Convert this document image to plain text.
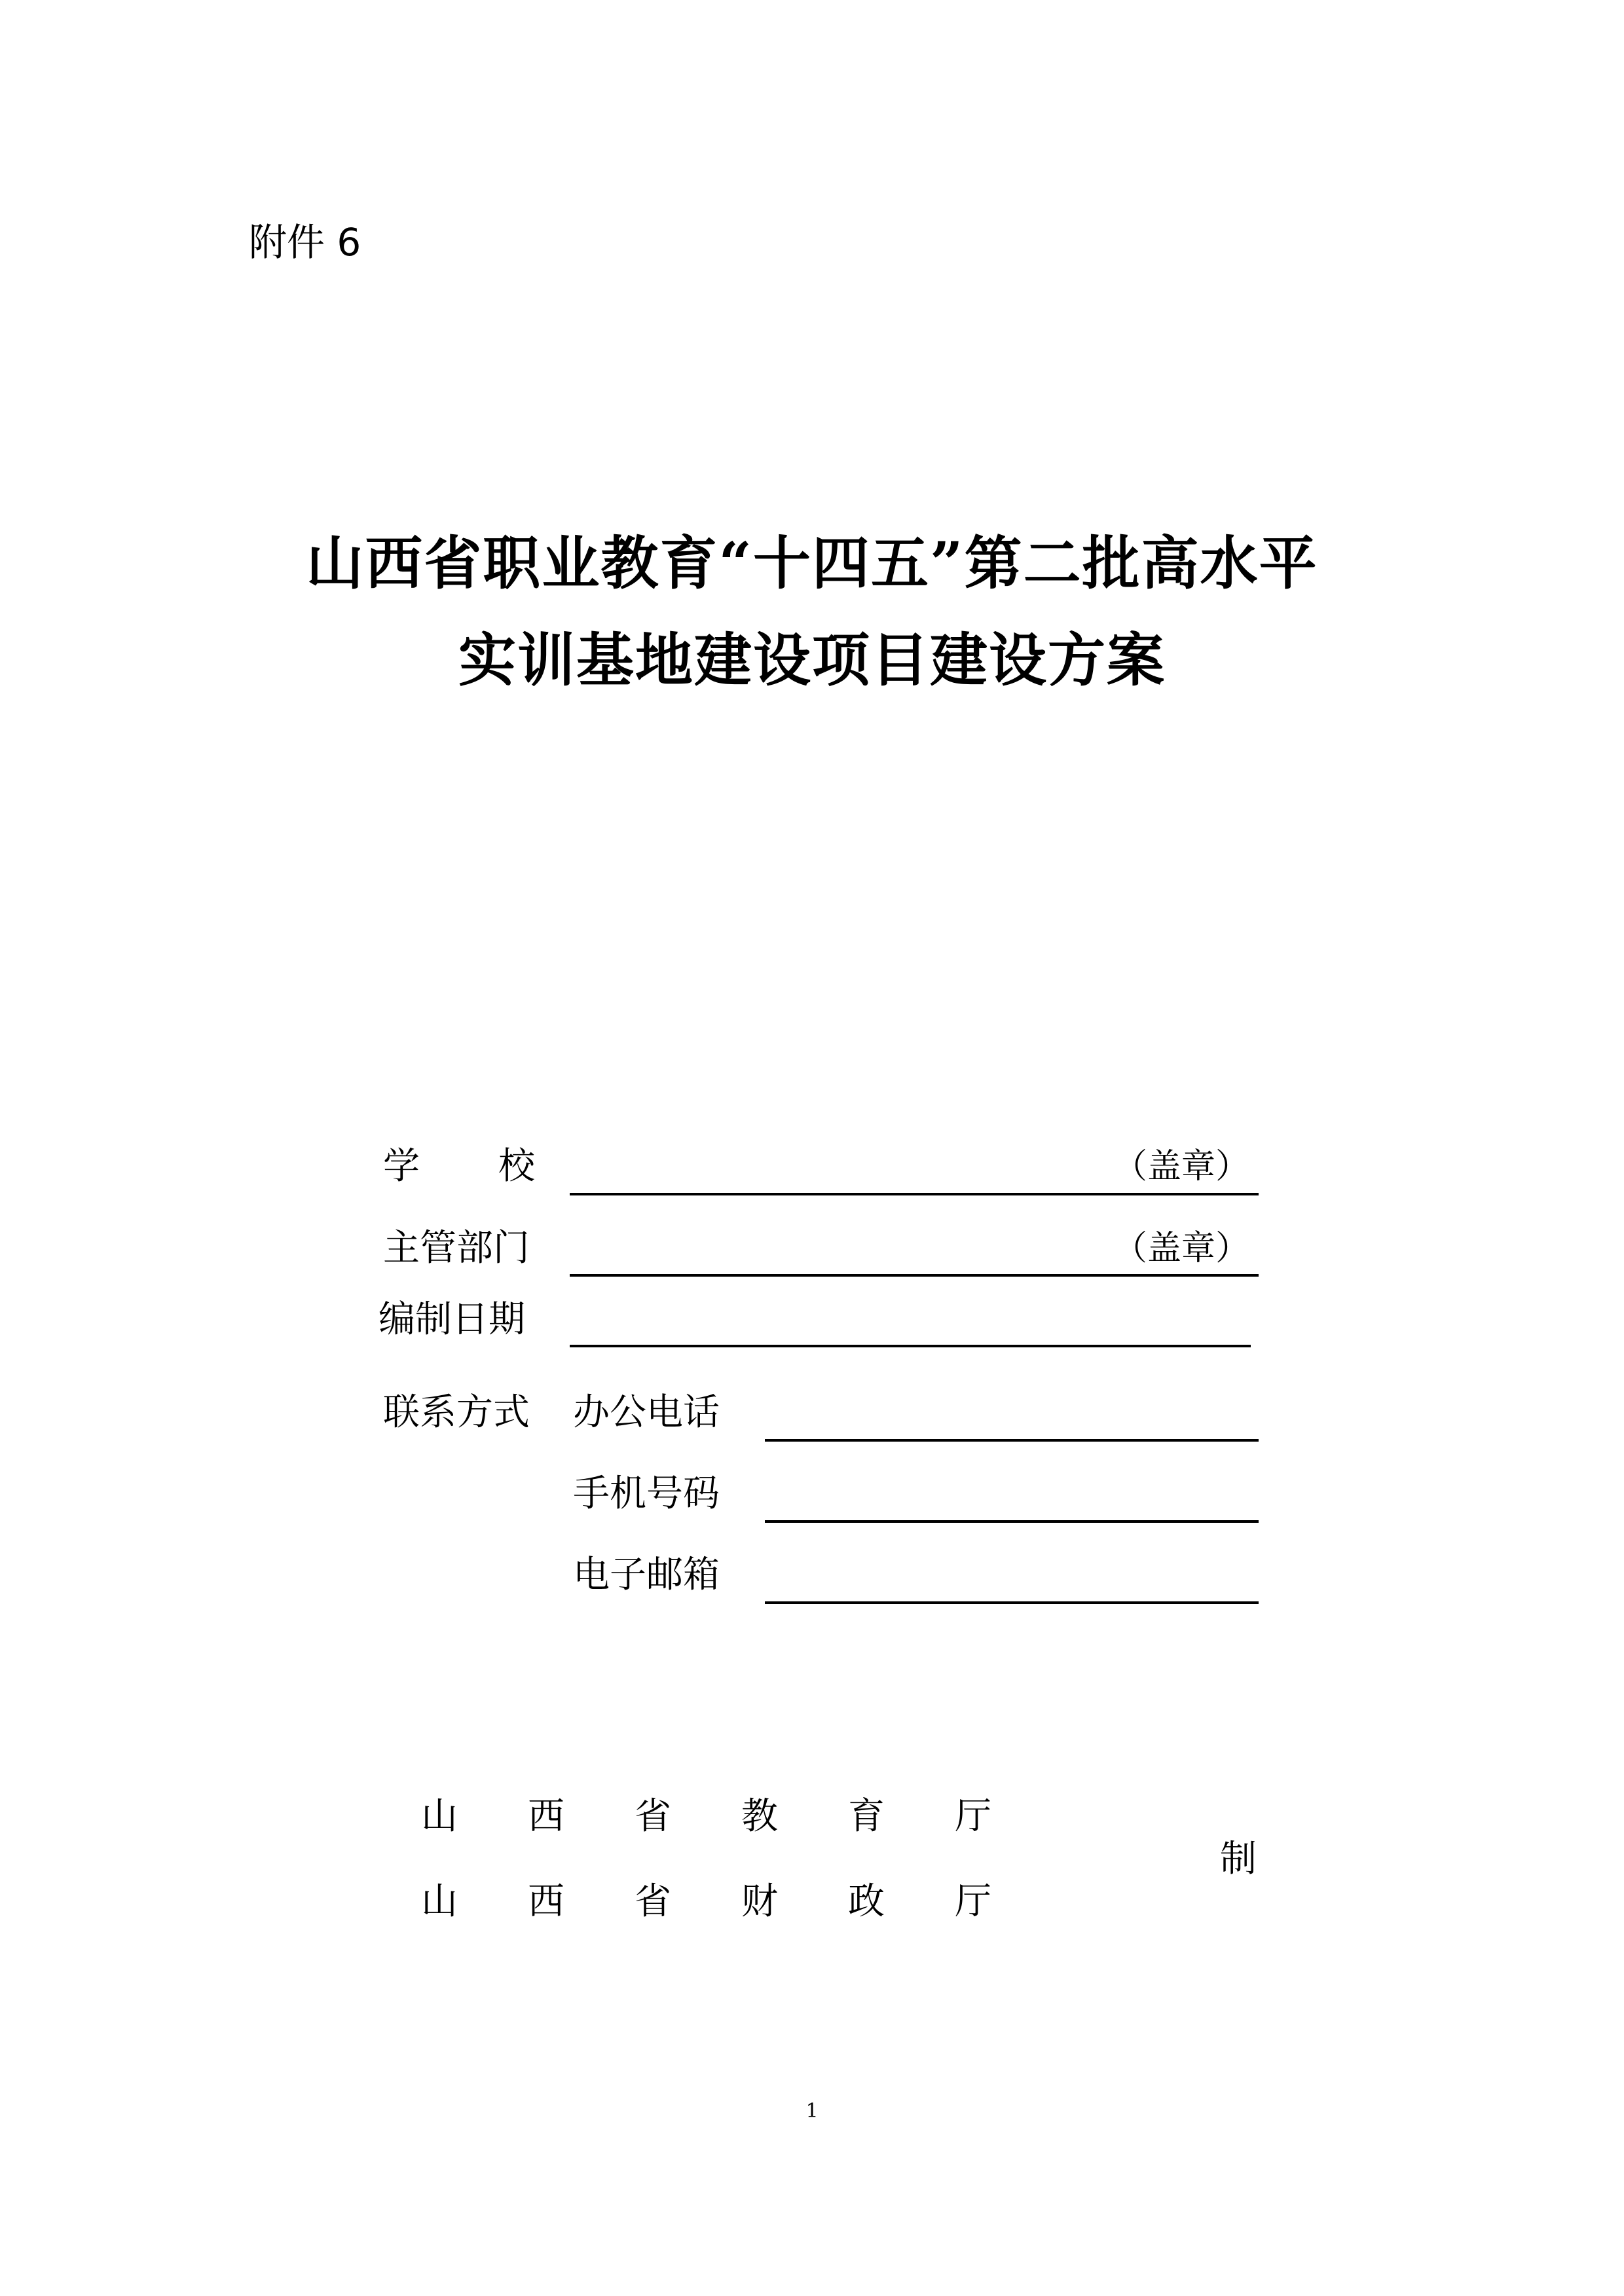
附件 6
山西省职业教育“十四五”第二批高水平
实训基地建设项目建设方案
学 校	（盖章）
主管部门	（盖章）
编制日期
联系方式 办公电话
手机号码
电子邮箱
山 西 省 教 育 厅
山 西 省 财 政 厅
制
1
